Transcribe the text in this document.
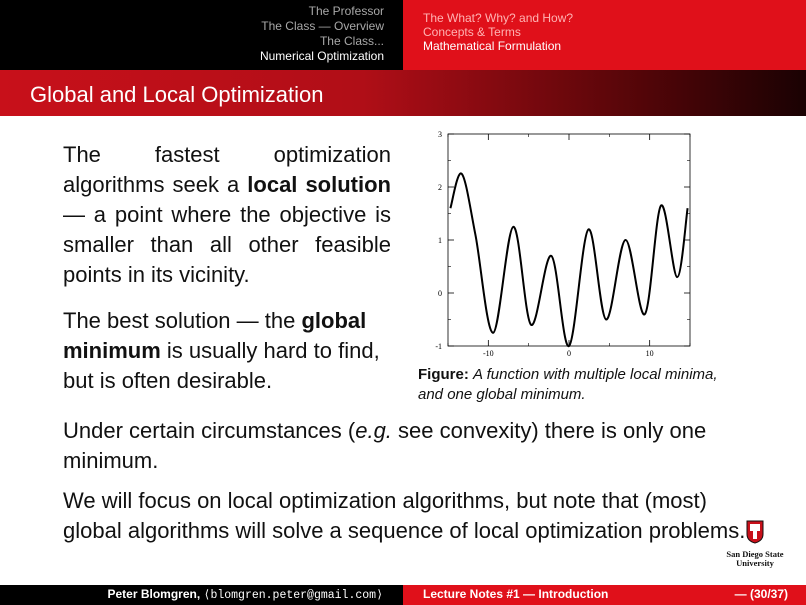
The Professor
The Class — Overview
The Class...
Numerical Optimization
The What? Why? and How?
Concepts & Terms
Mathematical Formulation
Global and Local Optimization
The fastest optimization algorithms seek a local solution — a point where the objective is smaller than all other feasible points in its vicinity.
The best solution — the global minimum is usually hard to find, but is often desirable.
Under certain circumstances (e.g. see convexity) there is only one minimum.
We will focus on local optimization algorithms, but note that (most) global algorithms will solve a sequence of local optimization problems.
-1
0
1
2
3
-10	0	10
Figure: A function with multiple local minima, and one global minimum.
San Diego State
University
Peter Blomgren, ⟨blomgren.peter@gmail.com⟩	Lecture Notes #1 — Introduction	— (30/37)
